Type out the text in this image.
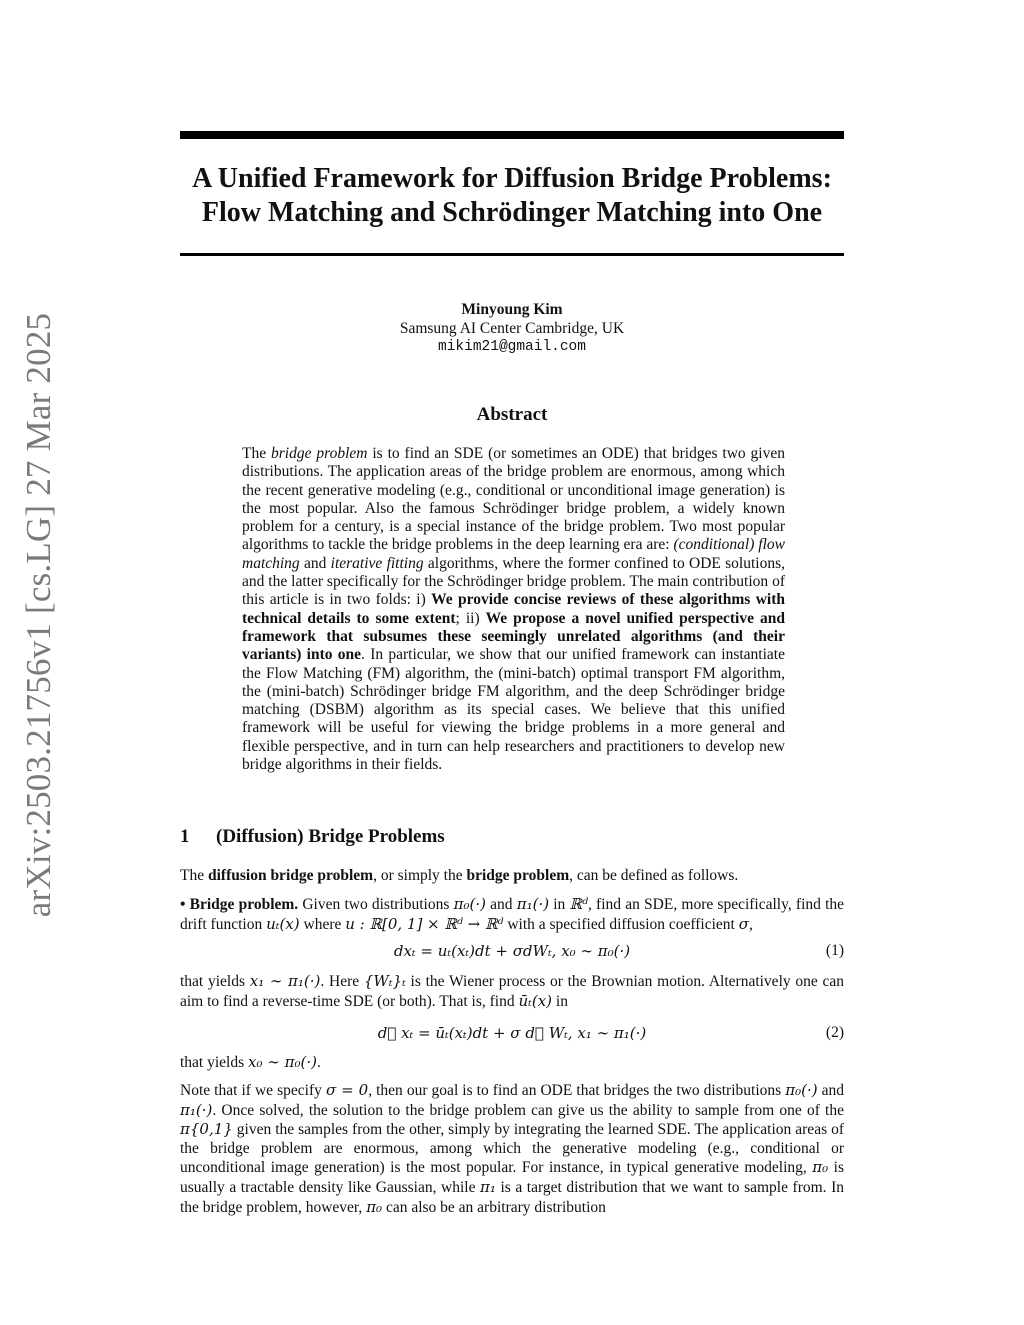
arXiv:2503.21756v1 [cs.LG] 27 Mar 2025
A Unified Framework for Diffusion Bridge Problems:
Flow Matching and Schrödinger Matching into One
Minyoung Kim
Samsung AI Center Cambridge, UK
mikim21@gmail.com
Abstract

The bridge problem is to find an SDE (or sometimes an ODE) that bridges two given distributions. The application areas of the bridge problem are enormous, among which the recent generative modeling (e.g., conditional or unconditional image generation) is the most popular. Also the famous Schrödinger bridge problem, a widely known problem for a century, is a special instance of the bridge problem. Two most popular algorithms to tackle the bridge problems in the deep learning era are: (conditional) flow matching and iterative fitting algorithms, where the former confined to ODE solutions, and the latter specifically for the Schrödinger bridge problem. The main contribution of this article is in two folds: i) We provide concise reviews of these algorithms with technical details to some extent; ii) We propose a novel unified perspective and framework that subsumes these seemingly unrelated algorithms (and their variants) into one. In particular, we show that our unified framework can instantiate the Flow Matching (FM) algorithm, the (mini-batch) optimal transport FM algorithm, the (mini-batch) Schrödinger bridge FM algorithm, and the deep Schrödinger bridge matching (DSBM) algorithm as its special cases. We believe that this unified framework will be useful for viewing the bridge problems in a more general and flexible perspective, and in turn can help researchers and practitioners to develop new bridge algorithms in their fields.

1 (Diffusion) Bridge Problems

The diffusion bridge problem, or simply the bridge problem, can be defined as follows.

• Bridge problem. Given two distributions π₀(·) and π₁(·) in ℝᵈ, find an SDE, more specifically, find the drift function uₜ(x) where u : ℝ[0, 1] × ℝᵈ → ℝᵈ with a specified diffusion coefficient σ,

dxₜ = uₜ(xₜ)dt + σdWₜ, x₀ ∼ π₀(·)	(1)

that yields x₁ ∼ π₁(·). Here {Wₜ}ₜ is the Wiener process or the Brownian motion. Alternatively one can aim to find a reverse-time SDE (or both). That is, find ūₜ(x) in

d⃖ xₜ = ūₜ(xₜ)dt + σ d⃖ Wₜ, x₁ ∼ π₁(·)	(2)

that yields x₀ ∼ π₀(·).

Note that if we specify σ = 0, then our goal is to find an ODE that bridges the two distributions π₀(·) and π₁(·). Once solved, the solution to the bridge problem can give us the ability to sample from one of the π{0,1} given the samples from the other, simply by integrating the learned SDE. The application areas of the bridge problem are enormous, among which the generative modeling (e.g., conditional or unconditional image generation) is the most popular. For instance, in typical generative modeling, π₀ is usually a tractable density like Gaussian, while π₁ is a target distribution that we want to sample from. In the bridge problem, however, π₀ can also be an arbitrary distribution
